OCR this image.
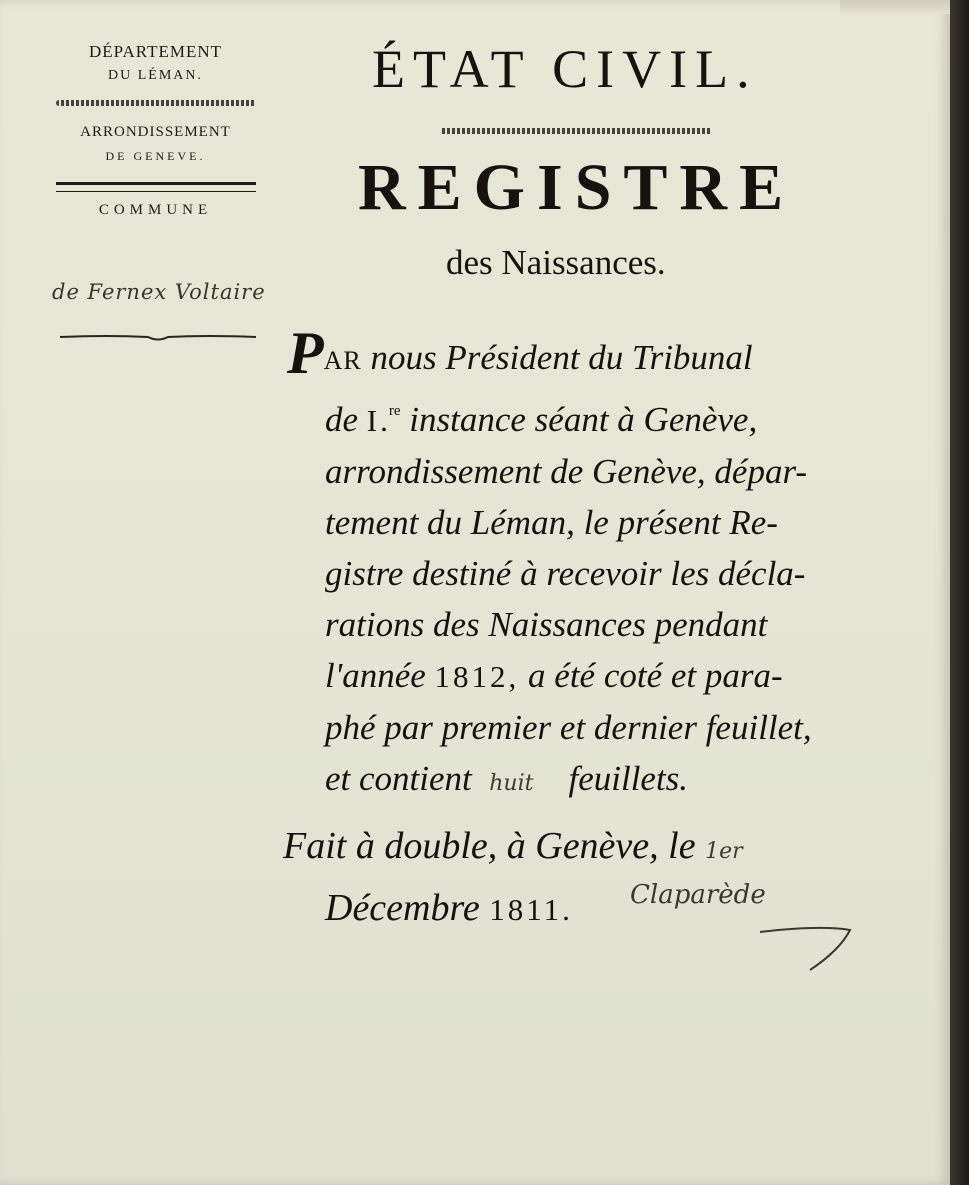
DÉPARTEMENT
DU LÉMAN.
ARRONDISSEMENT
DE GENEVE.
COMMUNE
de Fernex Voltaire
ÉTAT CIVIL.
REGISTRE
des Naissances.
PAR nous Président du Tribunal
de I.$^{re}$ instance séant à Genève,
arrondissement de Genève, dépar-
tement du Léman, le présent Re-
gistre destiné à recevoir les décla-
rations des Naissances pendant
l'année 1812, a été coté et para-
phé par premier et dernier feuillet,
et contient huit feuillets.
Fait à double, à Genève, le 1er
Décembre 1811.	Claparède
